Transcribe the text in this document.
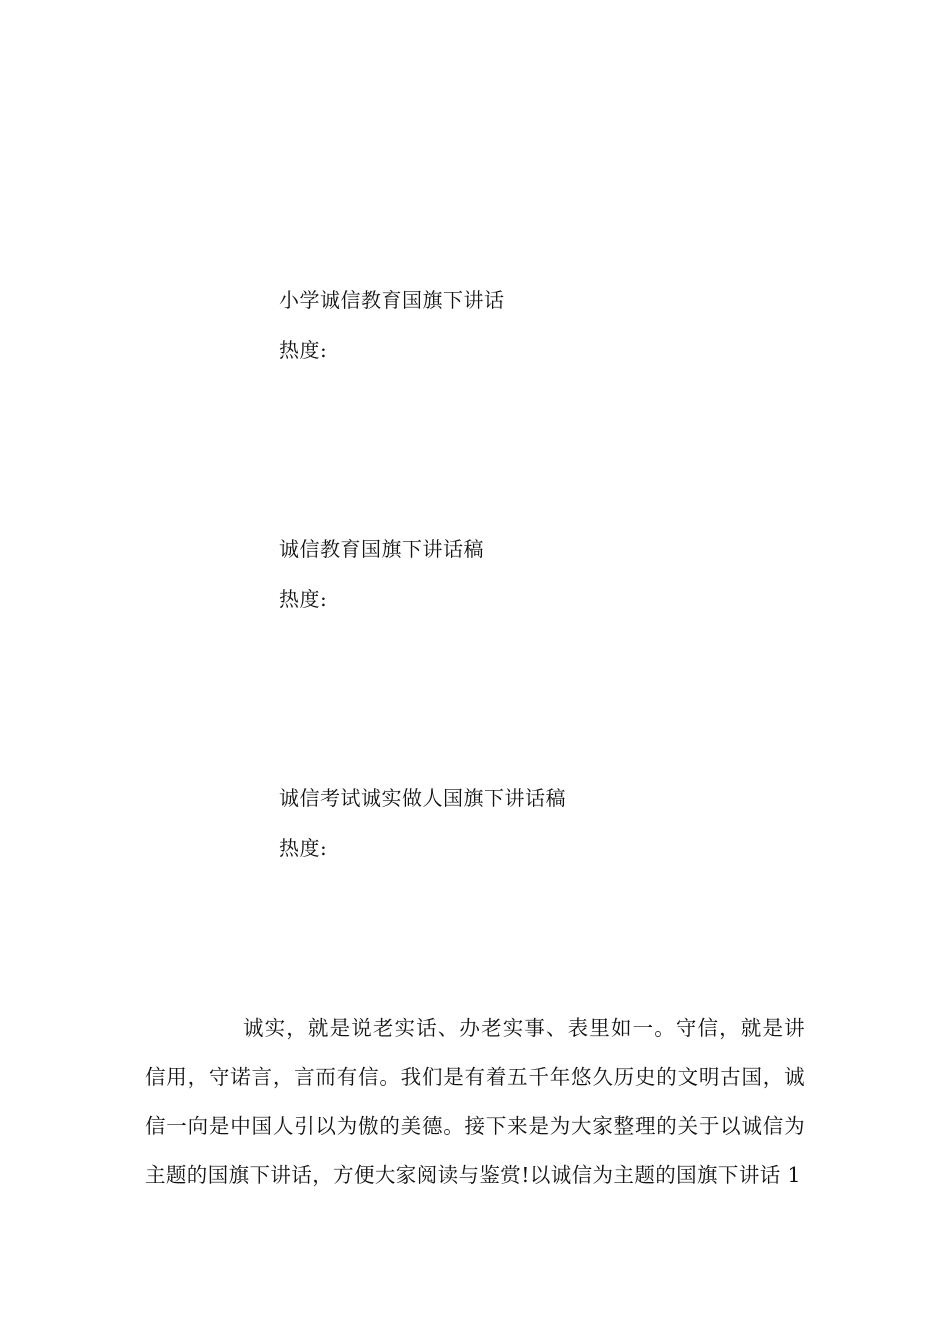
小学诚信教育国旗下讲话
热度:
诚信教育国旗下讲话稿
热度:
诚信考试诚实做人国旗下讲话稿
热度:

诚实，就是说老实话、办老实事、表里如一。守信，就是讲信用，守诺言，言而有信。我们是有着五千年悠久历史的文明古国，诚信一向是中国人引以为傲的美德。接下来是为大家整理的关于以诚信为主题的国旗下讲话，方便大家阅读与鉴赏!以诚信为主题的国旗下讲话 1
